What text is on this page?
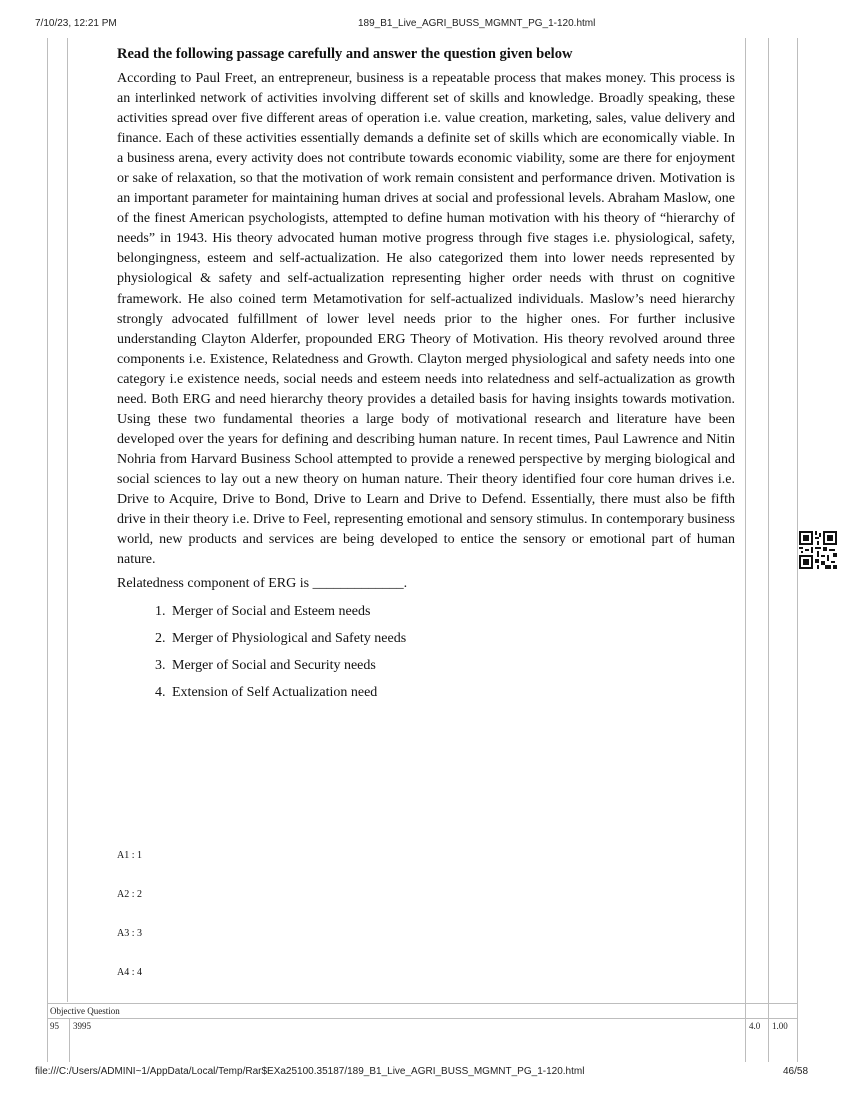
7/10/23, 12:21 PM	189_B1_Live_AGRI_BUSS_MGMNT_PG_1-120.html
Read the following passage carefully and answer the question given below

According to Paul Freet, an entrepreneur, business is a repeatable process that makes money. This process is an interlinked network of activities involving different set of skills and knowledge. Broadly speaking, these activities spread over five different areas of operation i.e. value creation, marketing, sales, value delivery and finance. Each of these activities essentially demands a definite set of skills which are economically viable. In a business arena, every activity does not contribute towards economic viability, some are there for enjoyment or sake of relaxation, so that the motivation of work remain consistent and performance driven. Motivation is an important parameter for maintaining human drives at social and professional levels. Abraham Maslow, one of the finest American psychologists, attempted to define human motivation with his theory of “hierarchy of needs” in 1943. His theory advocated human motive progress through five stages i.e. physiological, safety, belongingness, esteem and self-actualization. He also categorized them into lower needs represented by physiological & safety and self-actualization representing higher order needs with thrust on cognitive framework. He also coined term Metamotivation for self-actualized individuals. Maslow’s need hierarchy strongly advocated fulfillment of lower level needs prior to the higher ones. For further inclusive understanding Clayton Alderfer, propounded ERG Theory of Motivation. His theory revolved around three components i.e. Existence, Relatedness and Growth. Clayton merged physiological and safety needs into one category i.e existence needs, social needs and esteem needs into relatedness and self-actualization as growth need. Both ERG and need hierarchy theory provides a detailed basis for having insights towards motivation. Using these two fundamental theories a large body of motivational research and literature have been developed over the years for defining and describing human nature. In recent times, Paul Lawrence and Nitin Nohria from Harvard Business School attempted to provide a renewed perspective by merging biological and social sciences to lay out a new theory on human nature. Their theory identified four core human drives i.e. Drive to Acquire, Drive to Bond, Drive to Learn and Drive to Defend. Essentially, there must also be fifth drive in their theory i.e. Drive to Feel, representing emotional and sensory stimulus. In contemporary business world, new products and services are being developed to entice the sensory or emotional part of human nature.

Relatedness component of ERG is _____________.
1. Merger of Social and Esteem needs
2. Merger of Physiological and Safety needs
3. Merger of Social and Security needs
4. Extension of Self Actualization need
A1 : 1
A2 : 2
A3 : 3
A4 : 4
Objective Question
95 3995	4.0 1.00
file:///C:/Users/ADMINI~1/AppData/Local/Temp/Rar$EXa25100.35187/189_B1_Live_AGRI_BUSS_MGMNT_PG_1-120.html	46/58
